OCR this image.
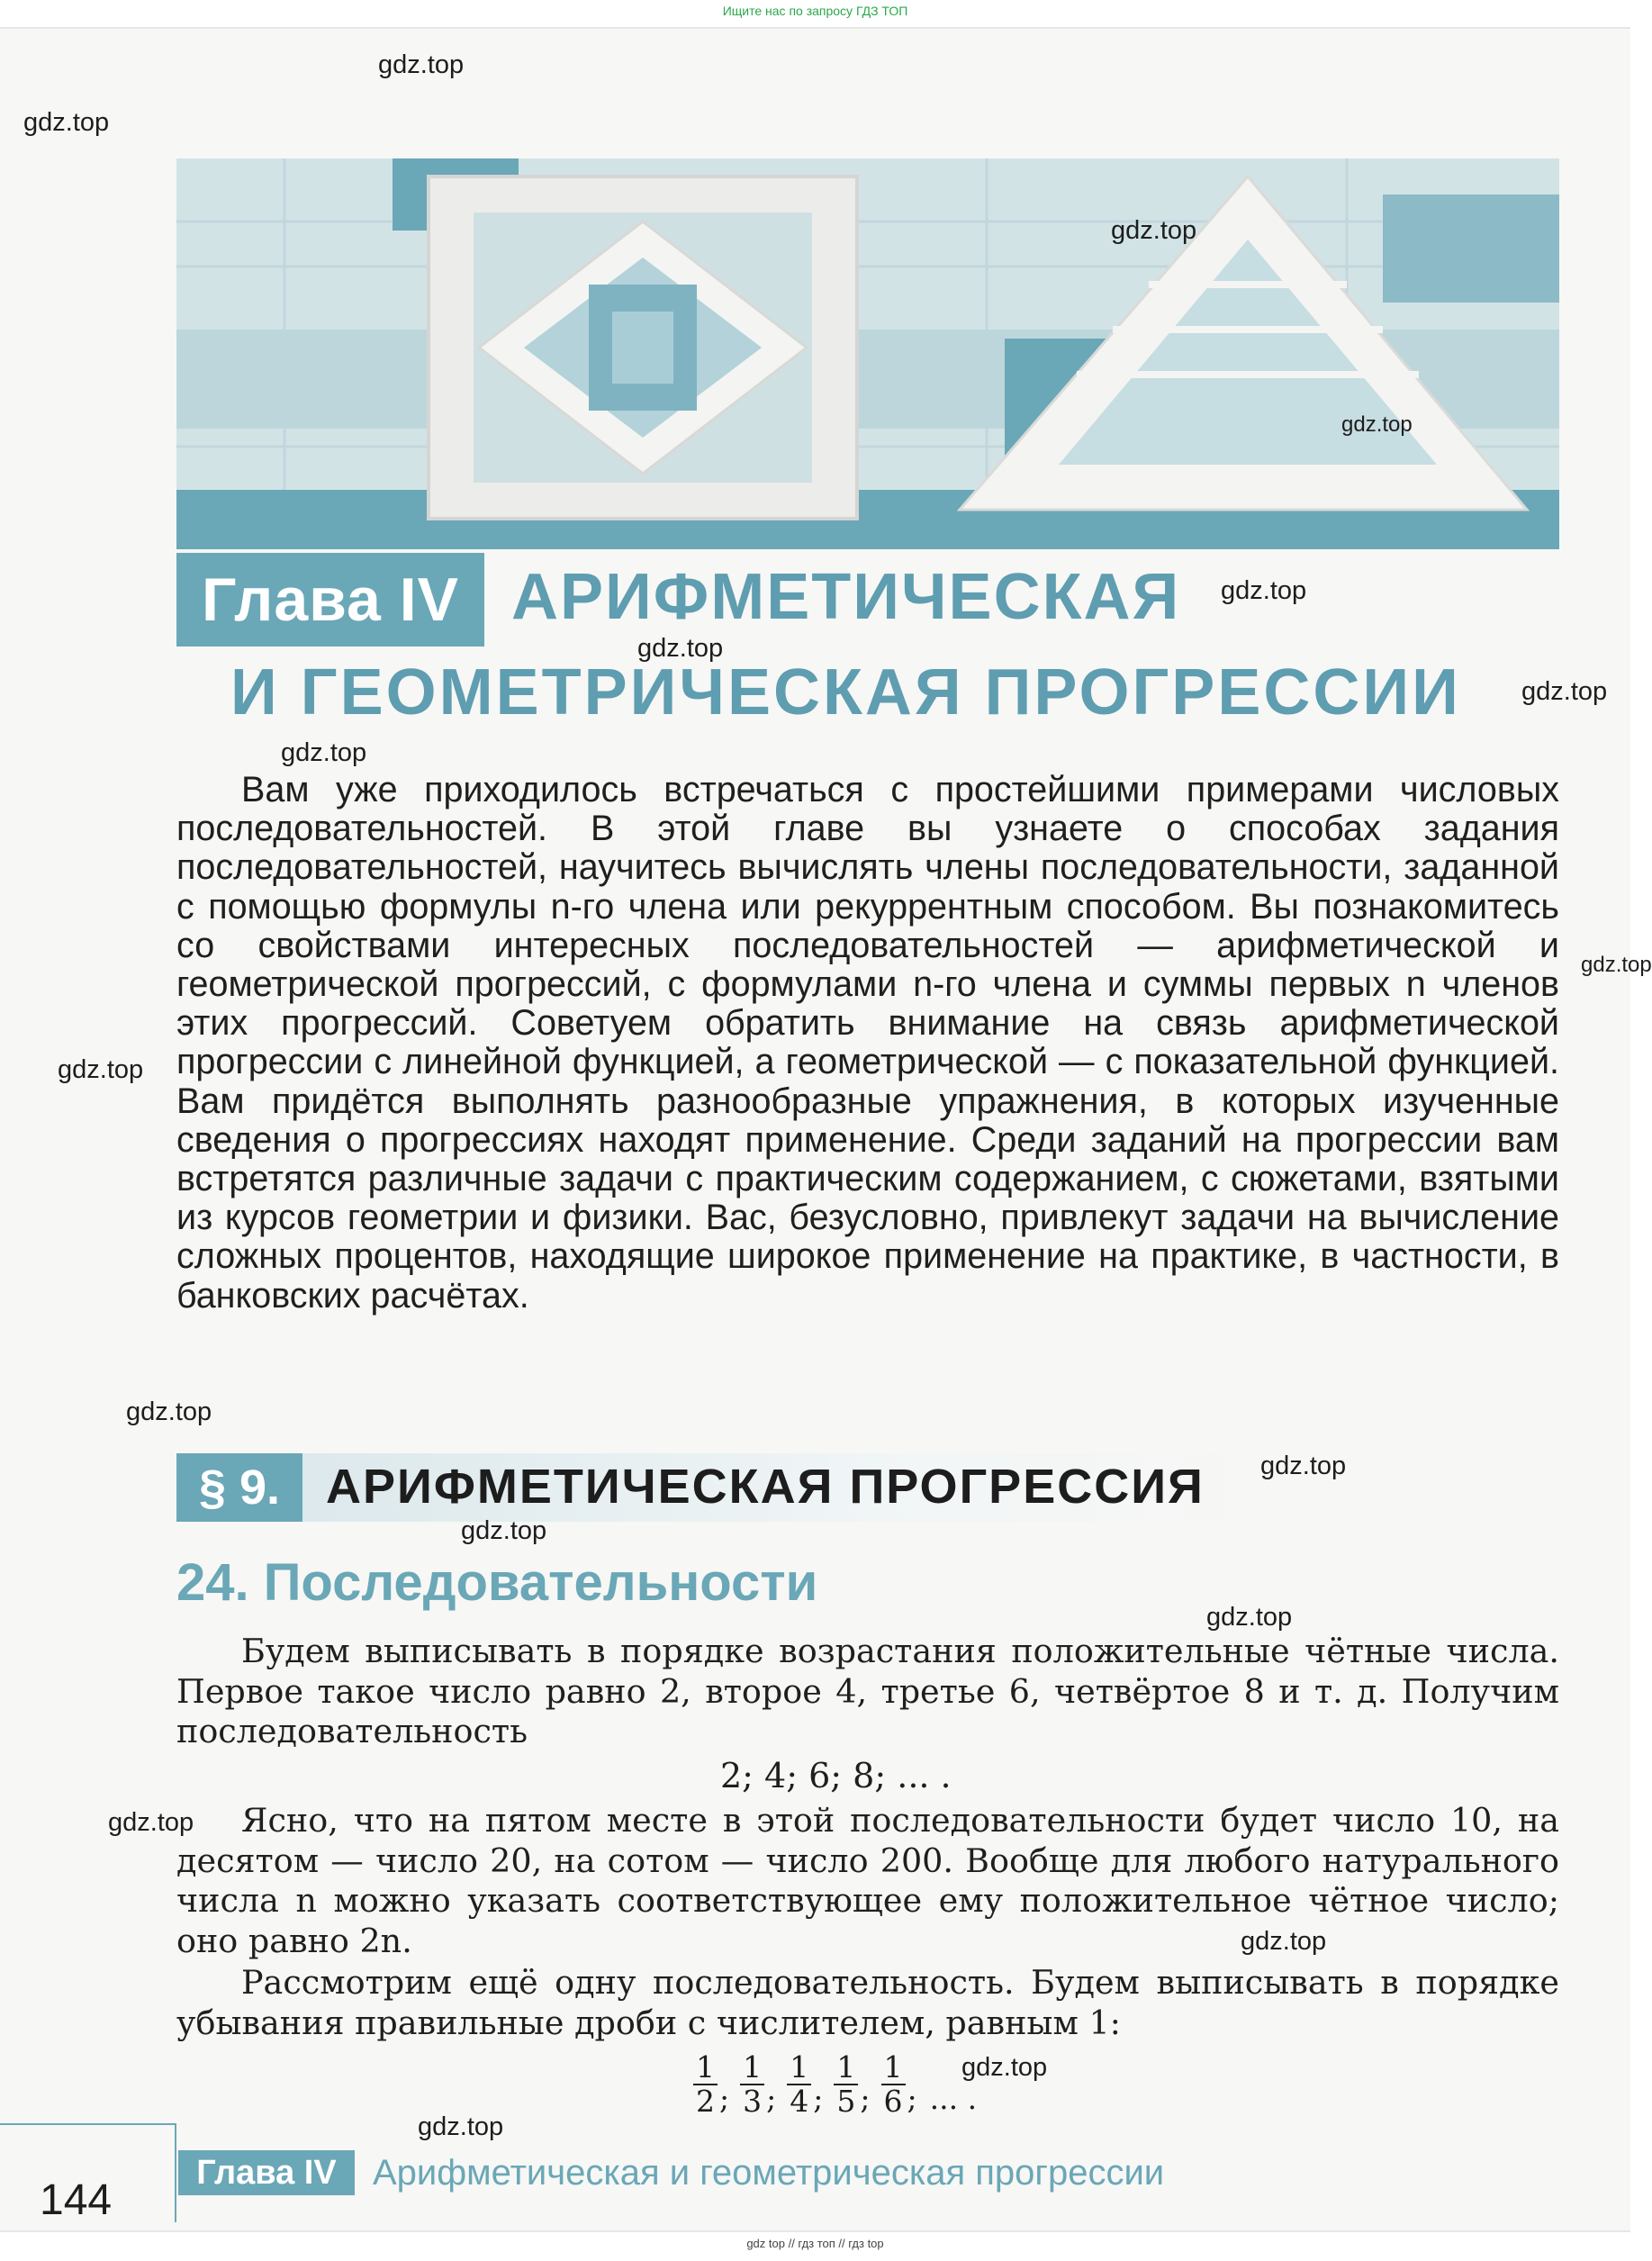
Ищите нас по запросу ГДЗ ТОП
Глава IV АРИФМЕТИЧЕСКАЯ
И ГЕОМЕТРИЧЕСКАЯ ПРОГРЕССИИ

Вам уже приходилось встречаться с простейшими примерами числовых последовательностей. В этой главе вы узнаете о способах задания последовательностей, научитесь вычислять члены последовательности, заданной с помощью формулы n-го члена или рекуррентным способом. Вы познакомитесь со свойствами интересных последовательностей — арифметической и геометрической прогрессий, с формулами n-го члена и суммы первых n членов этих прогрессий. Советуем обратить внимание на связь арифметической прогрессии с линейной функцией, а геометрической — с показательной функцией. Вам придётся выполнять разнообразные упражнения, в которых изученные сведения о прогрессиях находят применение. Среди заданий на прогрессии вам встретятся различные задачи с практическим содержанием, с сюжетами, взятыми из курсов геометрии и физики. Вас, безусловно, привлекут задачи на вычисление сложных процентов, находящие широкое применение на практике, в частности, в банковских расчётах.

§ 9. АРИФМЕТИЧЕСКАЯ ПРОГРЕССИЯ
24. Последовательности

Будем выписывать в порядке возрастания положительные чётные числа. Первое такое число равно 2, второе 4, третье 6, четвёртое 8 и т. д. Получим последовательность

2; 4; 6; 8; ... .

Ясно, что на пятом месте в этой последовательности будет число 10, на десятом — число 20, на сотом — число 200. Вообще для любого натурального числа n можно указать соответствующее ему положительное чётное число; оно равно 2n.

Рассмотрим ещё одну последовательность. Будем выписывать в порядке убывания правильные дроби с числителем, равным 1:

$\frac{1}{2}$ ; $\frac{1}{3}$ ; $\frac{1}{4}$ ; $\frac{1}{5}$ ; $\frac{1}{6}$ ; ... .
144
Глава IV	Арифметическая и геометрическая прогрессии
gdz.top
gdz.top
gdz.top
gdz.top
gdz.top
gdz.top
gdz.top
gdz.top
gdz.top
gdz.top
gdz.top
gdz.top
gdz.top
gdz.top
gdz.top
gdz.top
gdz.top
gdz.top
gdz top // гдз топ // гдз top
